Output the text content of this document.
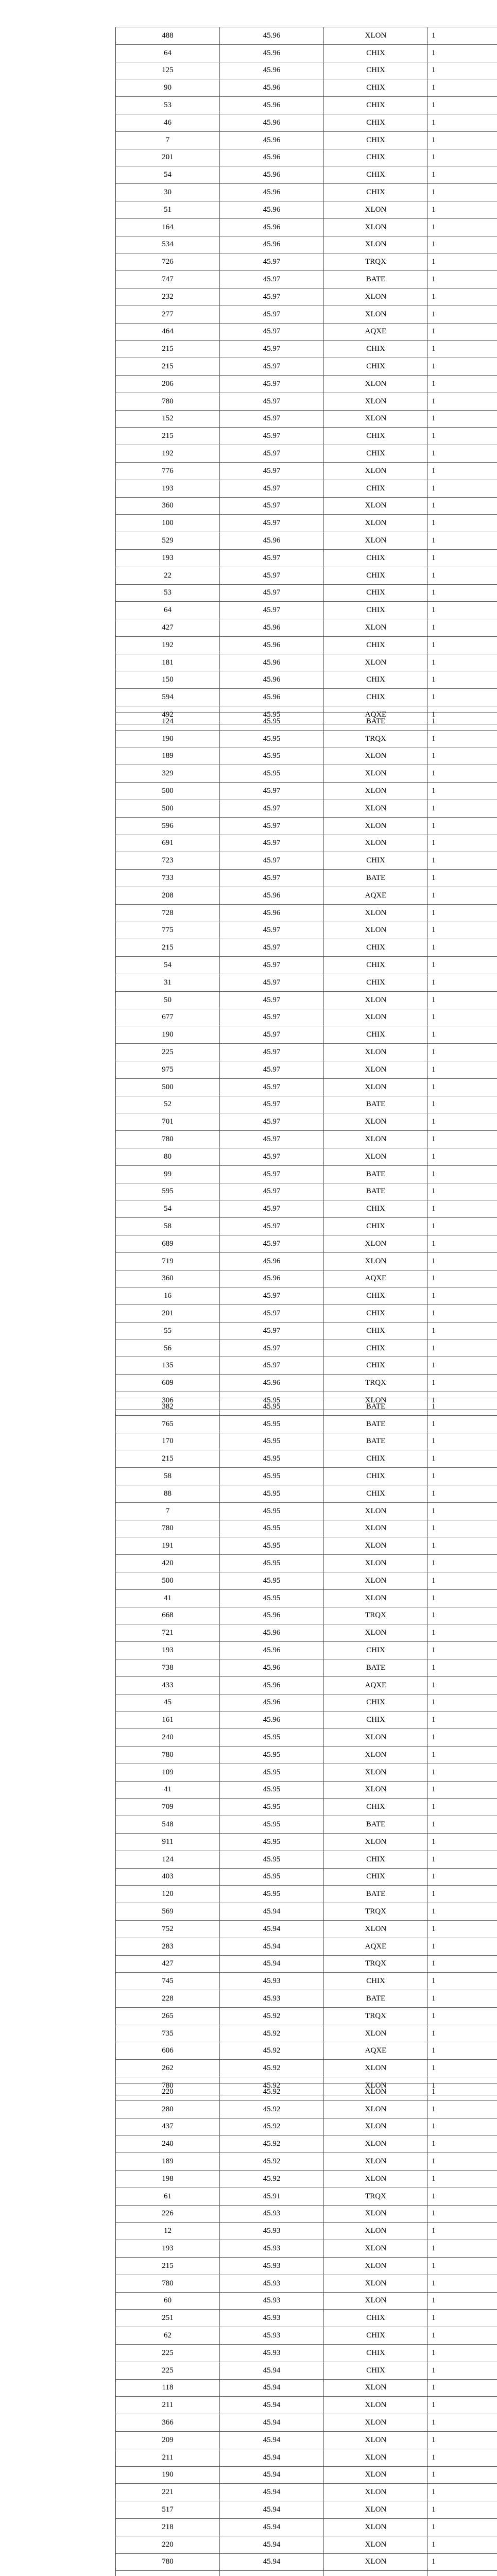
488	45.96	XLON	1
64	45.96	CHIX	1
125	45.96	CHIX	1
90	45.96	CHIX	1
53	45.96	CHIX	1
46	45.96	CHIX	1
7	45.96	CHIX	1
201	45.96	CHIX	1
54	45.96	CHIX	1
30	45.96	CHIX	1
51	45.96	XLON	1
164	45.96	XLON	1
534	45.96	XLON	1
726	45.97	TRQX	1
747	45.97	BATE	1
232	45.97	XLON	1
277	45.97	XLON	1
464	45.97	AQXE	1
215	45.97	CHIX	1
215	45.97	CHIX	1
206	45.97	XLON	1
780	45.97	XLON	1
152	45.97	XLON	1
215	45.97	CHIX	1
192	45.97	CHIX	1
776	45.97	XLON	1
193	45.97	CHIX	1
360	45.97	XLON	1
100	45.97	XLON	1
529	45.96	XLON	1
193	45.97	CHIX	1
22	45.97	CHIX	1
53	45.97	CHIX	1
64	45.97	CHIX	1
427	45.96	XLON	1
192	45.96	CHIX	1
181	45.96	XLON	1
150	45.96	CHIX	1
594	45.96	CHIX	1
492	45.95	AQXE	1
124	45.95	BATE	1
190	45.95	TRQX	1
189	45.95	XLON	1
329	45.95	XLON	1
500	45.97	XLON	1
500	45.97	XLON	1
596	45.97	XLON	1
691	45.97	XLON	1
723	45.97	CHIX	1
733	45.97	BATE	1
208	45.96	AQXE	1
728	45.96	XLON	1
775	45.97	XLON	1
215	45.97	CHIX	1
54	45.97	CHIX	1
31	45.97	CHIX	1
50	45.97	XLON	1
677	45.97	XLON	1
190	45.97	CHIX	1
225	45.97	XLON	1
975	45.97	XLON	1
500	45.97	XLON	1
52	45.97	BATE	1
701	45.97	XLON	1
780	45.97	XLON	1
80	45.97	XLON	1
99	45.97	BATE	1
595	45.97	BATE	1
54	45.97	CHIX	1
58	45.97	CHIX	1
689	45.97	XLON	1
719	45.96	XLON	1
360	45.96	AQXE	1
16	45.97	CHIX	1
201	45.97	CHIX	1
55	45.97	CHIX	1
56	45.97	CHIX	1
135	45.97	CHIX	1
609	45.96	TRQX	1
306	45.95	XLON	1
382	45.95	BATE	1
765	45.95	BATE	1
170	45.95	BATE	1
215	45.95	CHIX	1
58	45.95	CHIX	1
88	45.95	CHIX	1
7	45.95	XLON	1
780	45.95	XLON	1
191	45.95	XLON	1
420	45.95	XLON	1
500	45.95	XLON	1
41	45.95	XLON	1
668	45.96	TRQX	1
721	45.96	XLON	1
193	45.96	CHIX	1
738	45.96	BATE	1
433	45.96	AQXE	1
45	45.96	CHIX	1
161	45.96	CHIX	1
240	45.95	XLON	1
780	45.95	XLON	1
109	45.95	XLON	1
41	45.95	XLON	1
709	45.95	CHIX	1
548	45.95	BATE	1
911	45.95	XLON	1
124	45.95	CHIX	1
403	45.95	CHIX	1
120	45.95	BATE	1
569	45.94	TRQX	1
752	45.94	XLON	1
283	45.94	AQXE	1
427	45.94	TRQX	1
745	45.93	CHIX	1
228	45.93	BATE	1
265	45.92	TRQX	1
735	45.92	XLON	1
606	45.92	AQXE	1
262	45.92	XLON	1
780	45.92	XLON	1
220	45.92	XLON	1
280	45.92	XLON	1
437	45.92	XLON	1
240	45.92	XLON	1
189	45.92	XLON	1
198	45.92	XLON	1
61	45.91	TRQX	1
226	45.93	XLON	1
12	45.93	XLON	1
193	45.93	XLON	1
215	45.93	XLON	1
780	45.93	XLON	1
60	45.93	XLON	1
251	45.93	CHIX	1
62	45.93	CHIX	1
225	45.93	CHIX	1
225	45.94	CHIX	1
118	45.94	XLON	1
211	45.94	XLON	1
366	45.94	XLON	1
209	45.94	XLON	1
211	45.94	XLON	1
190	45.94	XLON	1
221	45.94	XLON	1
517	45.94	XLON	1
218	45.94	XLON	1
220	45.94	XLON	1
780	45.94	XLON	1
